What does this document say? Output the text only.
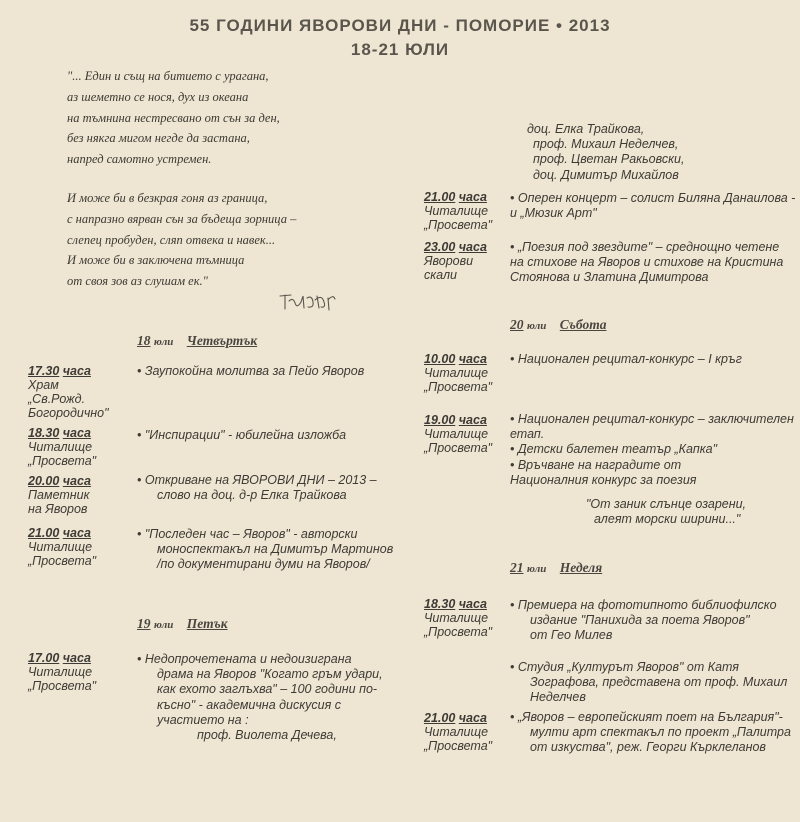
55 ГОДИНИ ЯВОРОВИ ДНИ - ПОМОРИЕ • 2013
18-21 ЮЛИ
"... Един и същ на битието с урагана,
аз шеметно се нося, дух из океана
на тъмнина нестресвано от сън за ден,
без някга мигом негде да застана,
напред самотно устремен.
И може би в безкрая гоня аз граница,
с напразно вярван сън за бъдеща зорница –
слепец пробуден, сляп отвека и навек...
И може би в заключена тъмница
от своя зов аз слушам ек."
18 юли Четвъртък
17.30 часа
Храм
„Св.Рожд.
Богородично"
• Заупокойна молитва за Пейо Яворов
18.30 часа
Читалище
„Просвета"
• "Инспирации" - юбилейна изложба
20.00 часа
Паметник
на Яворов
• Откриване на ЯВОРОВИ ДНИ – 2013 –
слово на доц. д-р Елка Трайкова
21.00 часа
Читалище
„Просвета"
• "Последен час – Яворов" - авторски
моноспектакъл на Димитър Мартинов
/по документирани думи на Яворов/
19 юли Петък
17.00 часа
Читалище
„Просвета"
• Недопрочетената и недоизиграна
драма на Яворов "Когато гръм удари,
как ехото заглъхва" – 100 години по-
късно" - академична дискусия с
участието на :
проф. Виолета Дечева,
доц. Елка Трайкова,
проф. Михаил Неделчев,
проф. Цветан Ракьовски,
доц. Димитър Михайлов
21.00 часа
Читалище
„Просвета"
• Оперен концерт – солист Биляна Данаилова -
и „Мюзик Арт"
23.00 часа
Яворови
скали
• „Поезия под звездите" – среднощно четене
на стихове на Яворов и стихове на Кристина
Стоянова и Златина Димитрова
20 юли Събота
10.00 часа
Читалище
„Просвета"
• Национален рецитал-конкурс – I кръг
19.00 часа
Читалище
„Просвета"
• Национален рецитал-конкурс – заключителен
етап.
• Детски балетен театър „Капка"
• Връчване на наградите от
Националния конкурс за поезия
"От заник слънце озарени,
алеят морски ширини..."
21 юли Неделя
18.30 часа
Читалище
„Просвета"
• Премиера на фототипното библиофилско
издание "Панихида за поета Яворов"
от Гео Милев
• Студия „Културът Яворов" от Катя
Зографова, представена от проф. Михаил
Неделчев
21.00 часа
Читалище
„Просвета"
• „Яворов – европейският поет на България"-
мулти арт спектакъл по проект „Палитра
от изкуства", реж. Георги Кърклеланов
